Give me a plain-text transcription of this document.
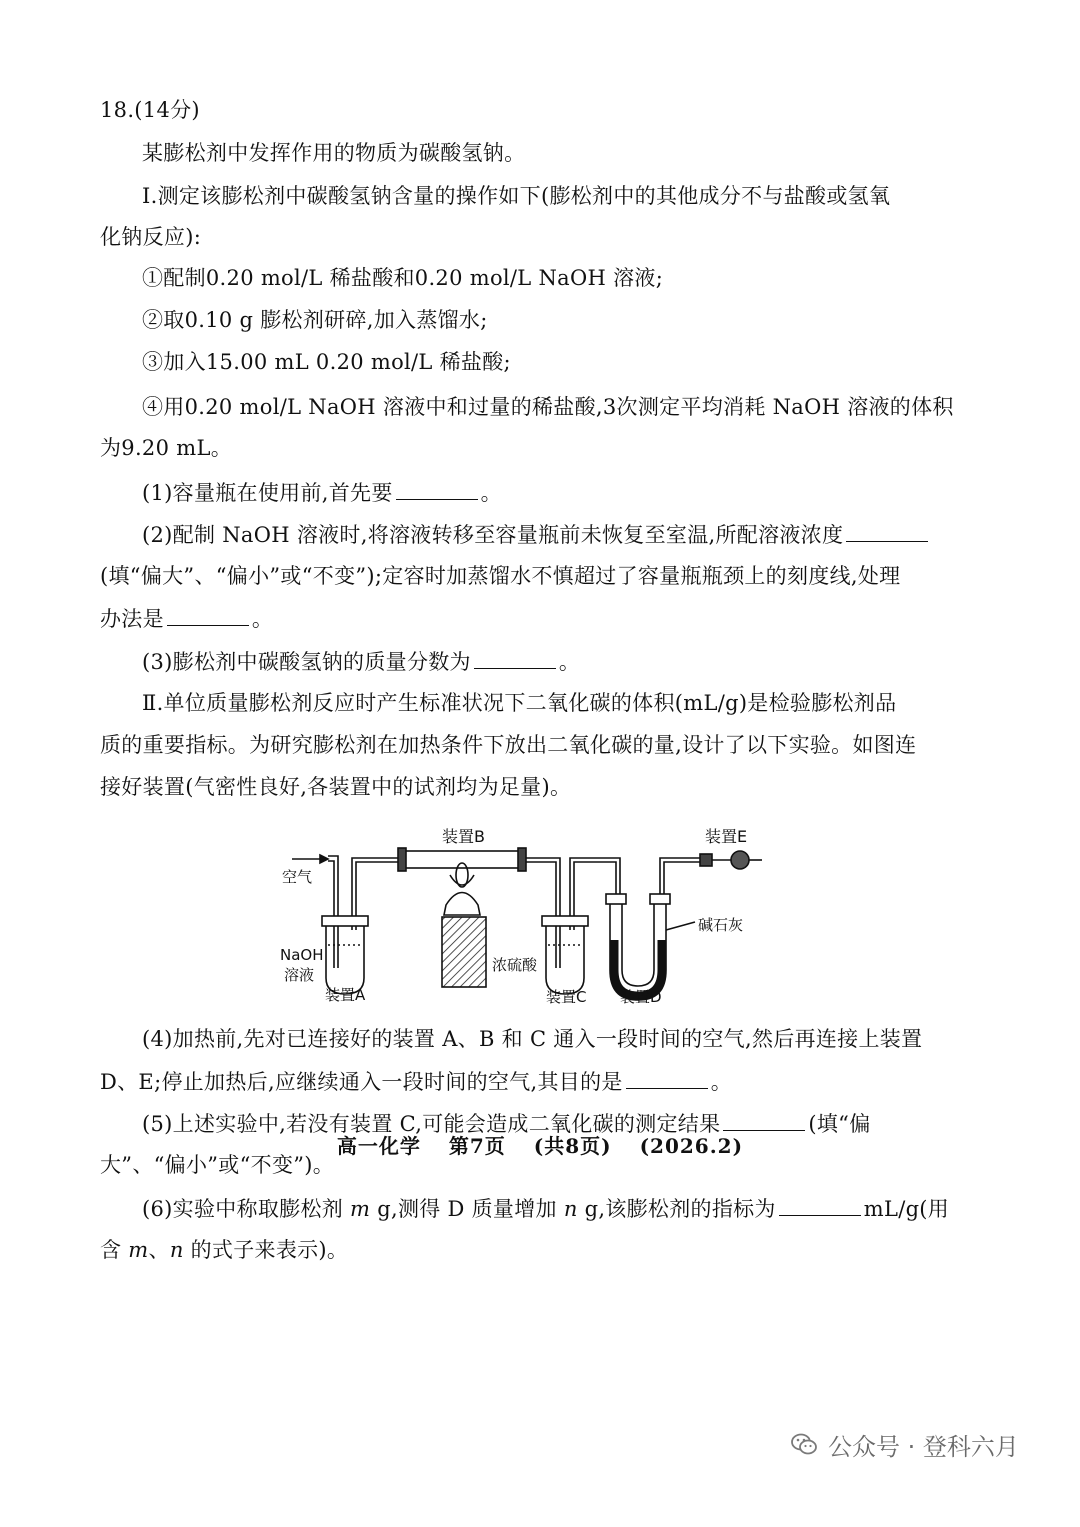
18.(14分)
某膨松剂中发挥作用的物质为碳酸氢钠。
Ⅰ.测定该膨松剂中碳酸氢钠含量的操作如下(膨松剂中的其他成分不与盐酸或氢氧
化钠反应):
①配制0.20 mol/L 稀盐酸和0.20 mol/L NaOH 溶液;
②取0.10 g 膨松剂研碎,加入蒸馏水;
③加入15.00 mL 0.20 mol/L 稀盐酸;
④用0.20 mol/L NaOH 溶液中和过量的稀盐酸,3次测定平均消耗 NaOH 溶液的体积
为9.20 mL。
(1)容量瓶在使用前,首先要	。
(2)配制 NaOH 溶液时,将溶液转移至容量瓶前未恢复至室温,所配溶液浓度
(填“偏大”、“偏小”或“不变”);定容时加蒸馏水不慎超过了容量瓶瓶颈上的刻度线,处理
办法是	。
(3)膨松剂中碳酸氢钠的质量分数为	。
Ⅱ.单位质量膨松剂反应时产生标准状况下二氧化碳的体积(mL/g)是检验膨松剂品
质的重要指标。为研究膨松剂在加热条件下放出二氧化碳的量,设计了以下实验。如图连
接好装置(气密性良好,各装置中的试剂均为足量)。
装置B	装置E
空气
NaOH
溶液
装置A
浓硫酸
装置C 装置D
碱石灰
(4)加热前,先对已连接好的装置 A、B 和 C 通入一段时间的空气,然后再连接上装置
D、E;停止加热后,应继续通入一段时间的空气,其目的是	。
(5)上述实验中,若没有装置 C,可能会造成二氧化碳的测定结果	(填“偏
大”、“偏小”或“不变”)。
(6)实验中称取膨松剂 m g,测得 D 质量增加 n g,该膨松剂的指标为	mL/g(用
含 m、n 的式子来表示)。
高一化学 第7页 (共8页) (2026.2)
公众号 · 登科六月
